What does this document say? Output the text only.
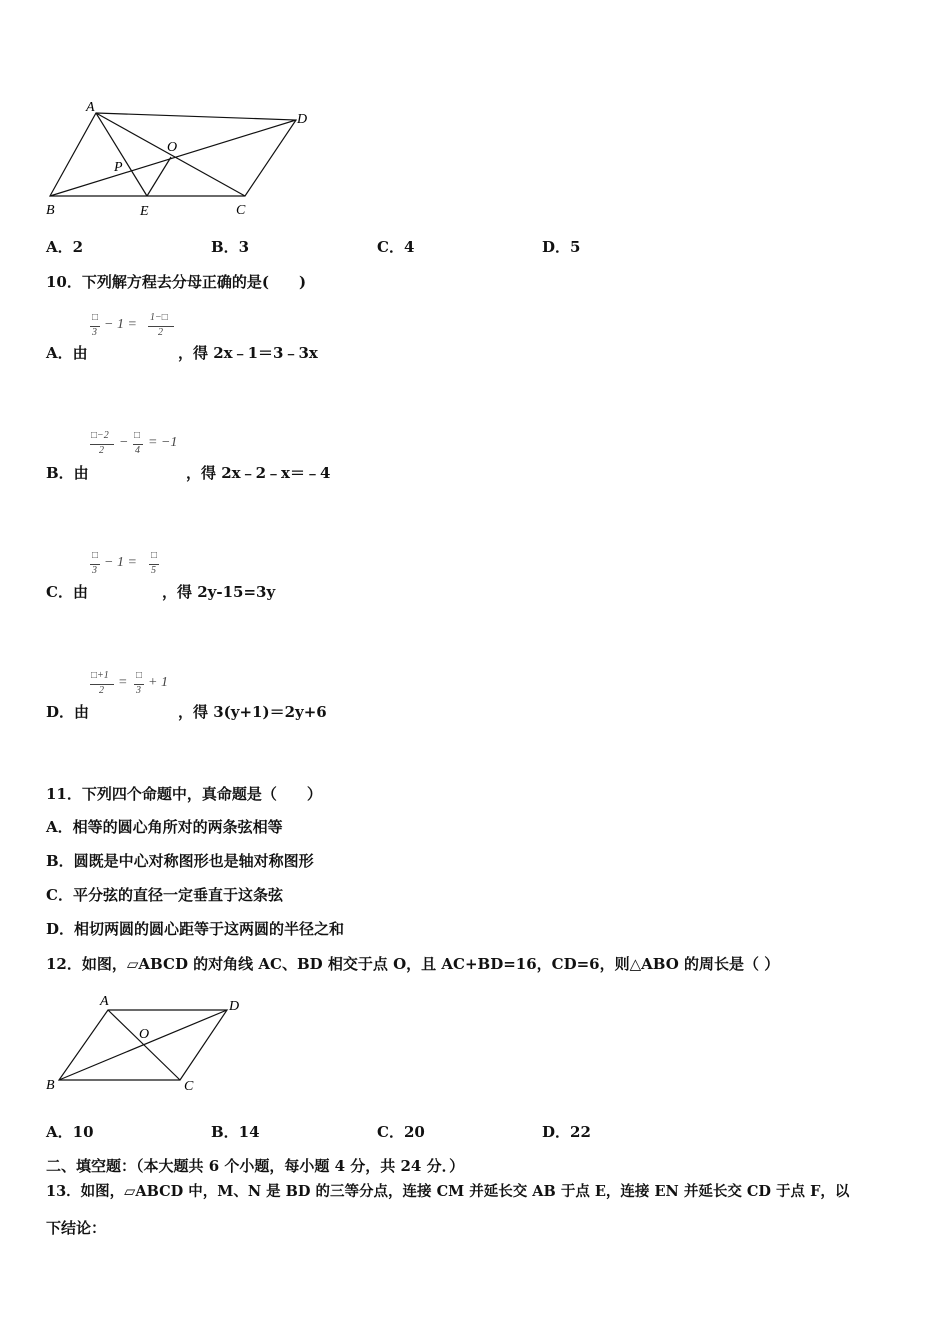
A
D
O
P
B	E	C
A．2	B．3	C．4	D．5
10．下列解方程去分母正确的是(　　)
□
3
− 1 = 1−□
2
A．由	，得 2x﹣1＝3﹣3x
□−2
2
− □
4
= −1
B．由	，得 2x﹣2﹣x＝﹣4
□
3
− 1 = □
5
C．由	，得 2y-15=3y
□+1
2
= □
3
+ 1
D．由	，得 3(y+1)＝2y+6
11．下列四个命题中，真命题是（　　）
A．相等的圆心角所对的两条弦相等
B．圆既是中心对称图形也是轴对称图形
C．平分弦的直径一定垂直于这条弦
D．相切两圆的圆心距等于这两圆的半径之和
12．如图，▱ABCD 的对角线 AC、BD 相交于点 O，且 AC+BD=16，CD=6，则△ABO 的周长是（ ）
A	D
O
B	C
A．10	B．14	C．20	D．22
二、填空题：（本大题共 6 个小题，每小题 4 分，共 24 分．）
13．如图，▱ABCD 中，M、N 是 BD 的三等分点，连接 CM 并延长交 AB 于点 E，连接 EN 并延长交 CD 于点 F，以
下结论：
